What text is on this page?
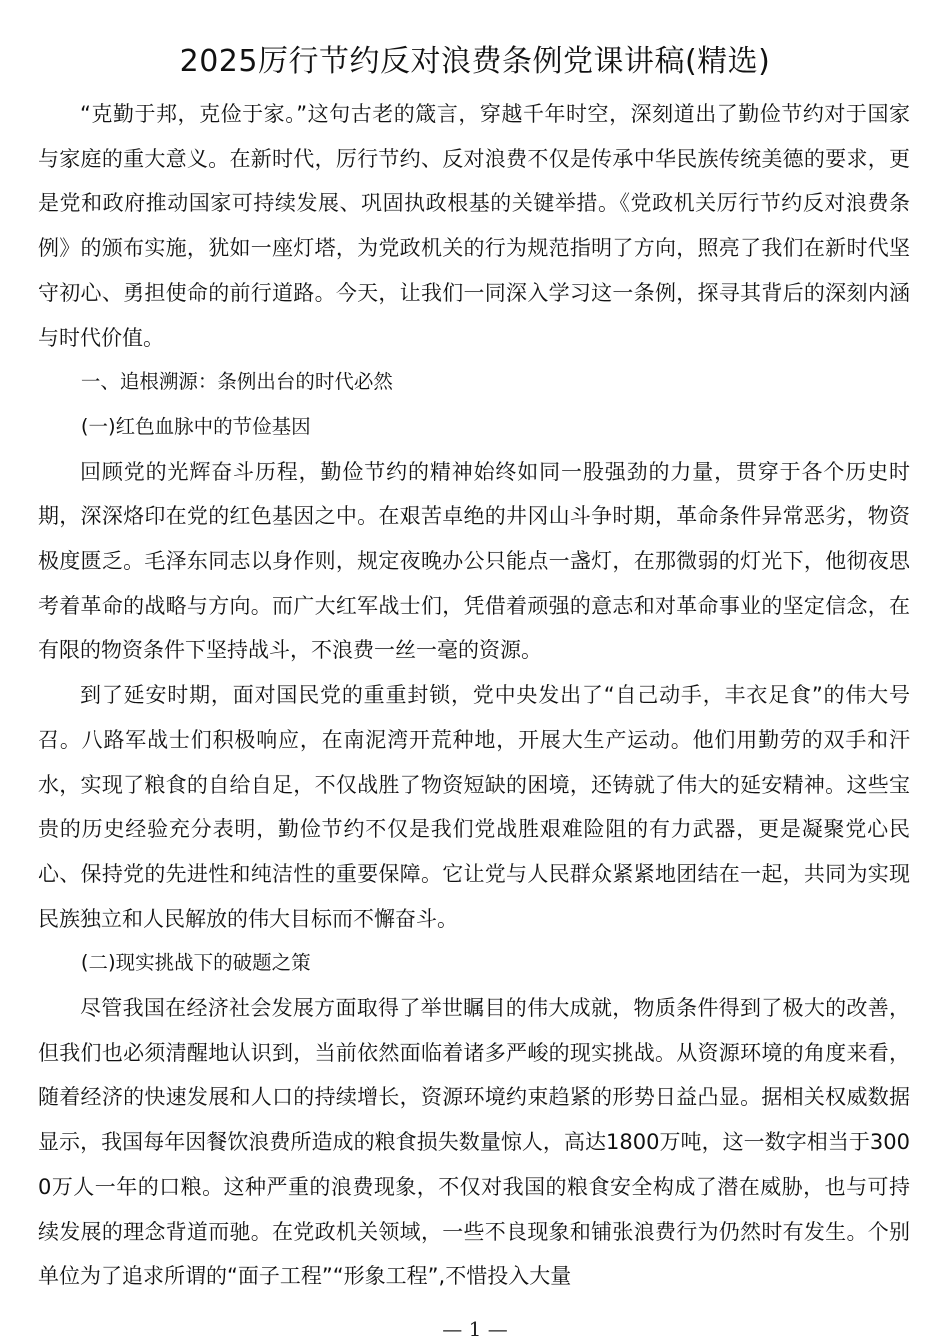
2025厉行节约反对浪费条例党课讲稿(精选)

“克勤于邦，克俭于家。”这句古老的箴言，穿越千年时空，深刻道出了勤俭节约对于国家与家庭的重大意义。在新时代，厉行节约、反对浪费不仅是传承中华民族传统美德的要求，更是党和政府推动国家可持续发展、巩固执政根基的关键举措。《党政机关厉行节约反对浪费条例》的颁布实施，犹如一座灯塔，为党政机关的行为规范指明了方向，照亮了我们在新时代坚守初心、勇担使命的前行道路。今天，让我们一同深入学习这一条例，探寻其背后的深刻内涵与时代价值。

一、追根溯源：条例出台的时代必然

(一)红色血脉中的节俭基因

回顾党的光辉奋斗历程，勤俭节约的精神始终如同一股强劲的力量，贯穿于各个历史时期，深深烙印在党的红色基因之中。在艰苦卓绝的井冈山斗争时期，革命条件异常恶劣，物资极度匮乏。毛泽东同志以身作则，规定夜晚办公只能点一盏灯，在那微弱的灯光下，他彻夜思考着革命的战略与方向。而广大红军战士们，凭借着顽强的意志和对革命事业的坚定信念，在有限的物资条件下坚持战斗，不浪费一丝一毫的资源。

到了延安时期，面对国民党的重重封锁，党中央发出了“自己动手，丰衣足食”的伟大号召。八路军战士们积极响应，在南泥湾开荒种地，开展大生产运动。他们用勤劳的双手和汗水，实现了粮食的自给自足，不仅战胜了物资短缺的困境，还铸就了伟大的延安精神。这些宝贵的历史经验充分表明，勤俭节约不仅是我们党战胜艰难险阻的有力武器，更是凝聚党心民心、保持党的先进性和纯洁性的重要保障。它让党与人民群众紧紧地团结在一起，共同为实现民族独立和人民解放的伟大目标而不懈奋斗。

(二)现实挑战下的破题之策

尽管我国在经济社会发展方面取得了举世瞩目的伟大成就，物质条件得到了极大的改善，但我们也必须清醒地认识到，当前依然面临着诸多严峻的现实挑战。从资源环境的角度来看，随着经济的快速发展和人口的持续增长，资源环境约束趋紧的形势日益凸显。据相关权威数据显示，我国每年因餐饮浪费所造成的粮食损失数量惊人，高达1800万吨，这一数字相当于3000万人一年的口粮。这种严重的浪费现象，不仅对我国的粮食安全构成了潜在威胁，也与可持续发展的理念背道而驰。在党政机关领域，一些不良现象和铺张浪费行为仍然时有发生。个别单位为了追求所谓的“面子工程”“形象工程”,不惜投入大量

— 1 —
